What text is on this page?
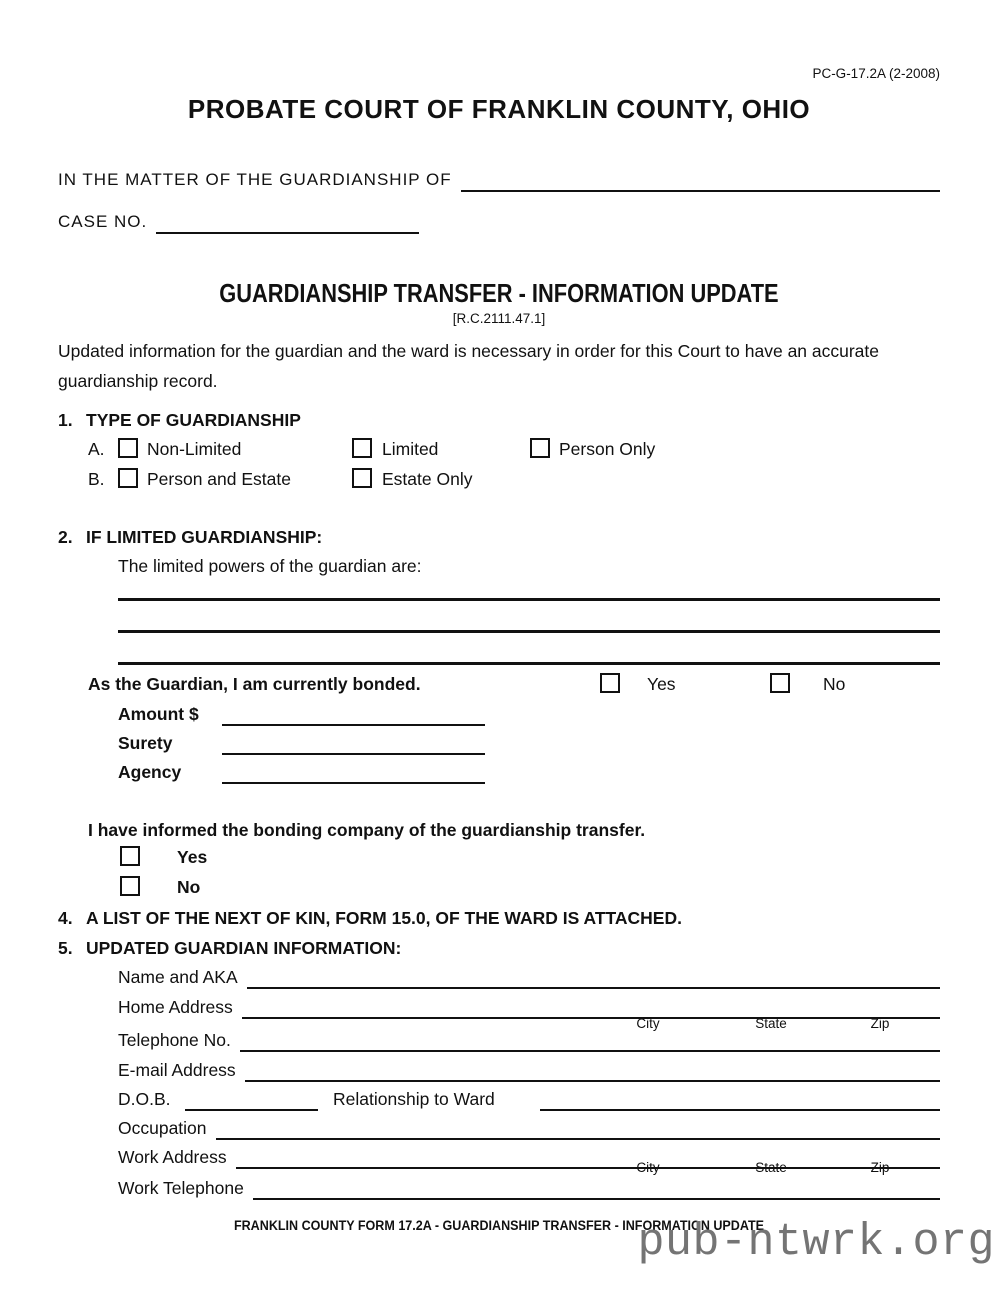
PC-G-17.2A (2-2008)
PROBATE COURT OF FRANKLIN COUNTY, OHIO
IN THE MATTER OF THE GUARDIANSHIP OF
CASE NO.
GUARDIANSHIP TRANSFER - INFORMATION UPDATE
[R.C.2111.47.1]
Updated information for the guardian and the ward is necessary in order for this Court to have an accurate guardianship record.
1. TYPE OF GUARDIANSHIP
A. Non-Limited	Limited	Person Only
B. Person and Estate	Estate Only
2. IF LIMITED GUARDIANSHIP:
The limited powers of the guardian are:
As the Guardian, I am currently bonded.	Yes	No
Amount $
Surety
Agency
I have informed the bonding company of the guardianship transfer.
Yes
No
4. A LIST OF THE NEXT OF KIN, FORM 15.0, OF THE WARD IS ATTACHED.
5. UPDATED GUARDIAN INFORMATION:
Name and AKA
Home Address
City	State	Zip
Telephone No.
E-mail Address
D.O.B.	Relationship to Ward
Occupation
Work Address
City	State	Zip
Work Telephone
FRANKLIN COUNTY FORM 17.2A - GUARDIANSHIP TRANSFER - INFORMATION UPDATE
pub-ntwrk.org
